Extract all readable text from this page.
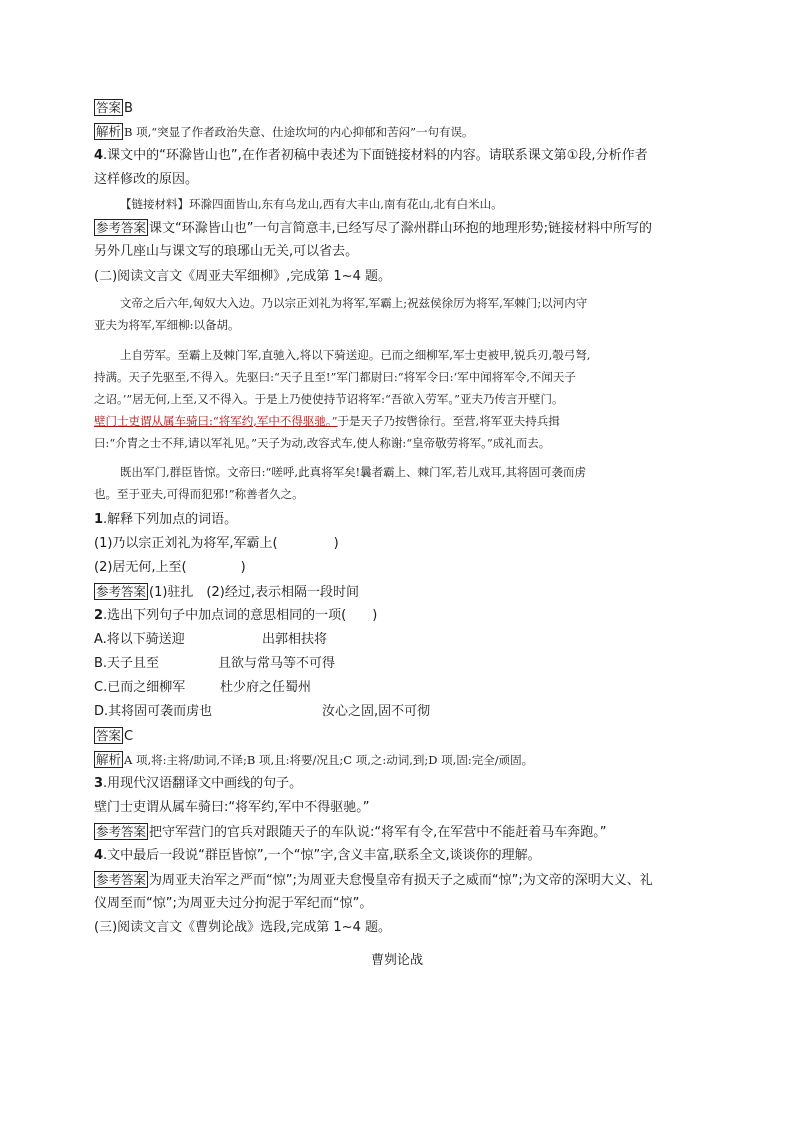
答案 B
解析 B 项,“突显了作者政治失意、仕途坎坷的内心抑郁和苦闷”一句有误。
4.课文中的“环滁皆山也”,在作者初稿中表述为下面链接材料的内容。请联系课文第①段,分析作者
这样修改的原因。
【链接材料】环滁四面皆山,东有乌龙山,西有大丰山,南有花山,北有白米山。
参考答案 课文“环滁皆山也”一句言简意丰,已经写尽了滁州群山环抱的地理形势;链接材料中所写的
另外几座山与课文写的琅琊山无关,可以省去。
(二)阅读文言文《周亚夫军细柳》,完成第 1~4 题。
文帝之后六年,匈奴大入边。乃以宗正刘礼为将军,军霸上;祝兹侯徐厉为将军,军棘门;以河内守
亚夫为将军,军细柳:以备胡。
上自劳军。至霸上及棘门军,直驰入,将以下骑送迎。已而之细柳军,军士吏被甲,锐兵刃,彀弓弩,
持满。天子先驱至,不得入。先驱曰:“天子且至!”军门都尉曰:“将军令曰:‘军中闻将军令,不闻天子
之诏。’”居无何,上至,又不得入。于是上乃使使持节诏将军:“吾欲入劳军。”亚夫乃传言开壁门。
壁门士吏谓从属车骑曰:“将军约,军中不得驱驰。”于是天子乃按辔徐行。至营,将军亚夫持兵揖
曰:“介胄之士不拜,请以军礼见。”天子为动,改容式车,使人称谢:“皇帝敬劳将军。”成礼而去。
既出军门,群臣皆惊。文帝曰:“嗟呼,此真将军矣!曩者霸上、棘门军,若儿戏耳,其将固可袭而虏
也。至于亚夫,可得而犯邪!”称善者久之。
1.解释下列加点的词语。
(1)乃以宗正刘礼为将军,军霸上(	)
(2)居无何,上至(	)
参考答案 (1)驻扎　(2)经过,表示相隔一段时间
2.选出下列句子中加点词的意思相同的一项(　　)
A.将以下骑送迎	出郭相扶将
B.天子且至	且欲与常马等不可得
C.已而之细柳军	杜少府之任蜀州
D.其将固可袭而虏也	汝心之固,固不可彻
答案 C
解析 A 项,将:主将/助词,不译;B 项,且:将要/况且;C 项,之:动词,到;D 项,固:完全/顽固。
3.用现代汉语翻译文中画线的句子。
壁门士吏谓从属车骑曰:“将军约,军中不得驱驰。”
参考答案 把守军营门的官兵对跟随天子的车队说:“将军有令,在军营中不能赶着马车奔跑。”
4.文中最后一段说“群臣皆惊”,一个“惊”字,含义丰富,联系全文,谈谈你的理解。
参考答案 为周亚夫治军之严而“惊”;为周亚夫怠慢皇帝有损天子之威而“惊”;为文帝的深明大义、礼
仪周至而“惊”;为周亚夫过分拘泥于军纪而“惊”。
(三)阅读文言文《曹刿论战》选段,完成第 1~4 题。
曹刿论战
